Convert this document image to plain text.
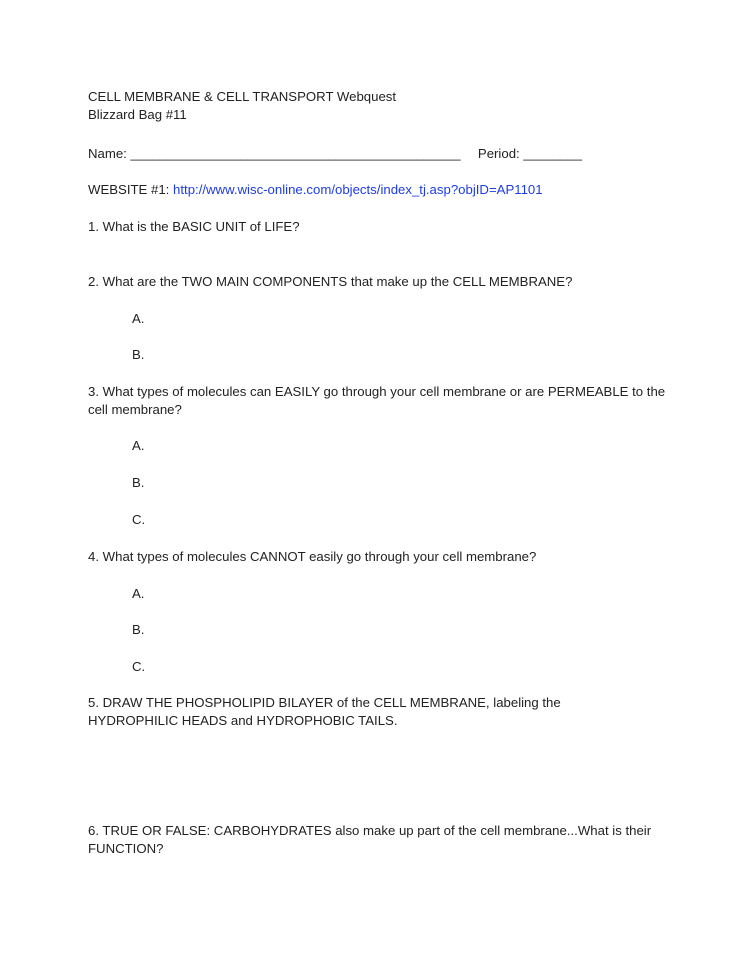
CELL MEMBRANE & CELL TRANSPORT Webquest
Blizzard Bag #11
Name: _____________________________________________ Period: ________
WEBSITE #1: http://www.wisc-online.com/objects/index_tj.asp?objID=AP1101
1. What is the BASIC UNIT of LIFE?
2. What are the TWO MAIN COMPONENTS that make up the CELL MEMBRANE?
A.
B.
3. What types of molecules can EASILY go through your cell membrane or are PERMEABLE to the cell membrane?
A.
B.
C.
4. What types of molecules CANNOT easily go through your cell membrane?
A.
B.
C.
5. DRAW THE PHOSPHOLIPID BILAYER of the CELL MEMBRANE, labeling the HYDROPHILIC HEADS and HYDROPHOBIC TAILS.
6. TRUE OR FALSE: CARBOHYDRATES also make up part of the cell membrane...What is their FUNCTION?
